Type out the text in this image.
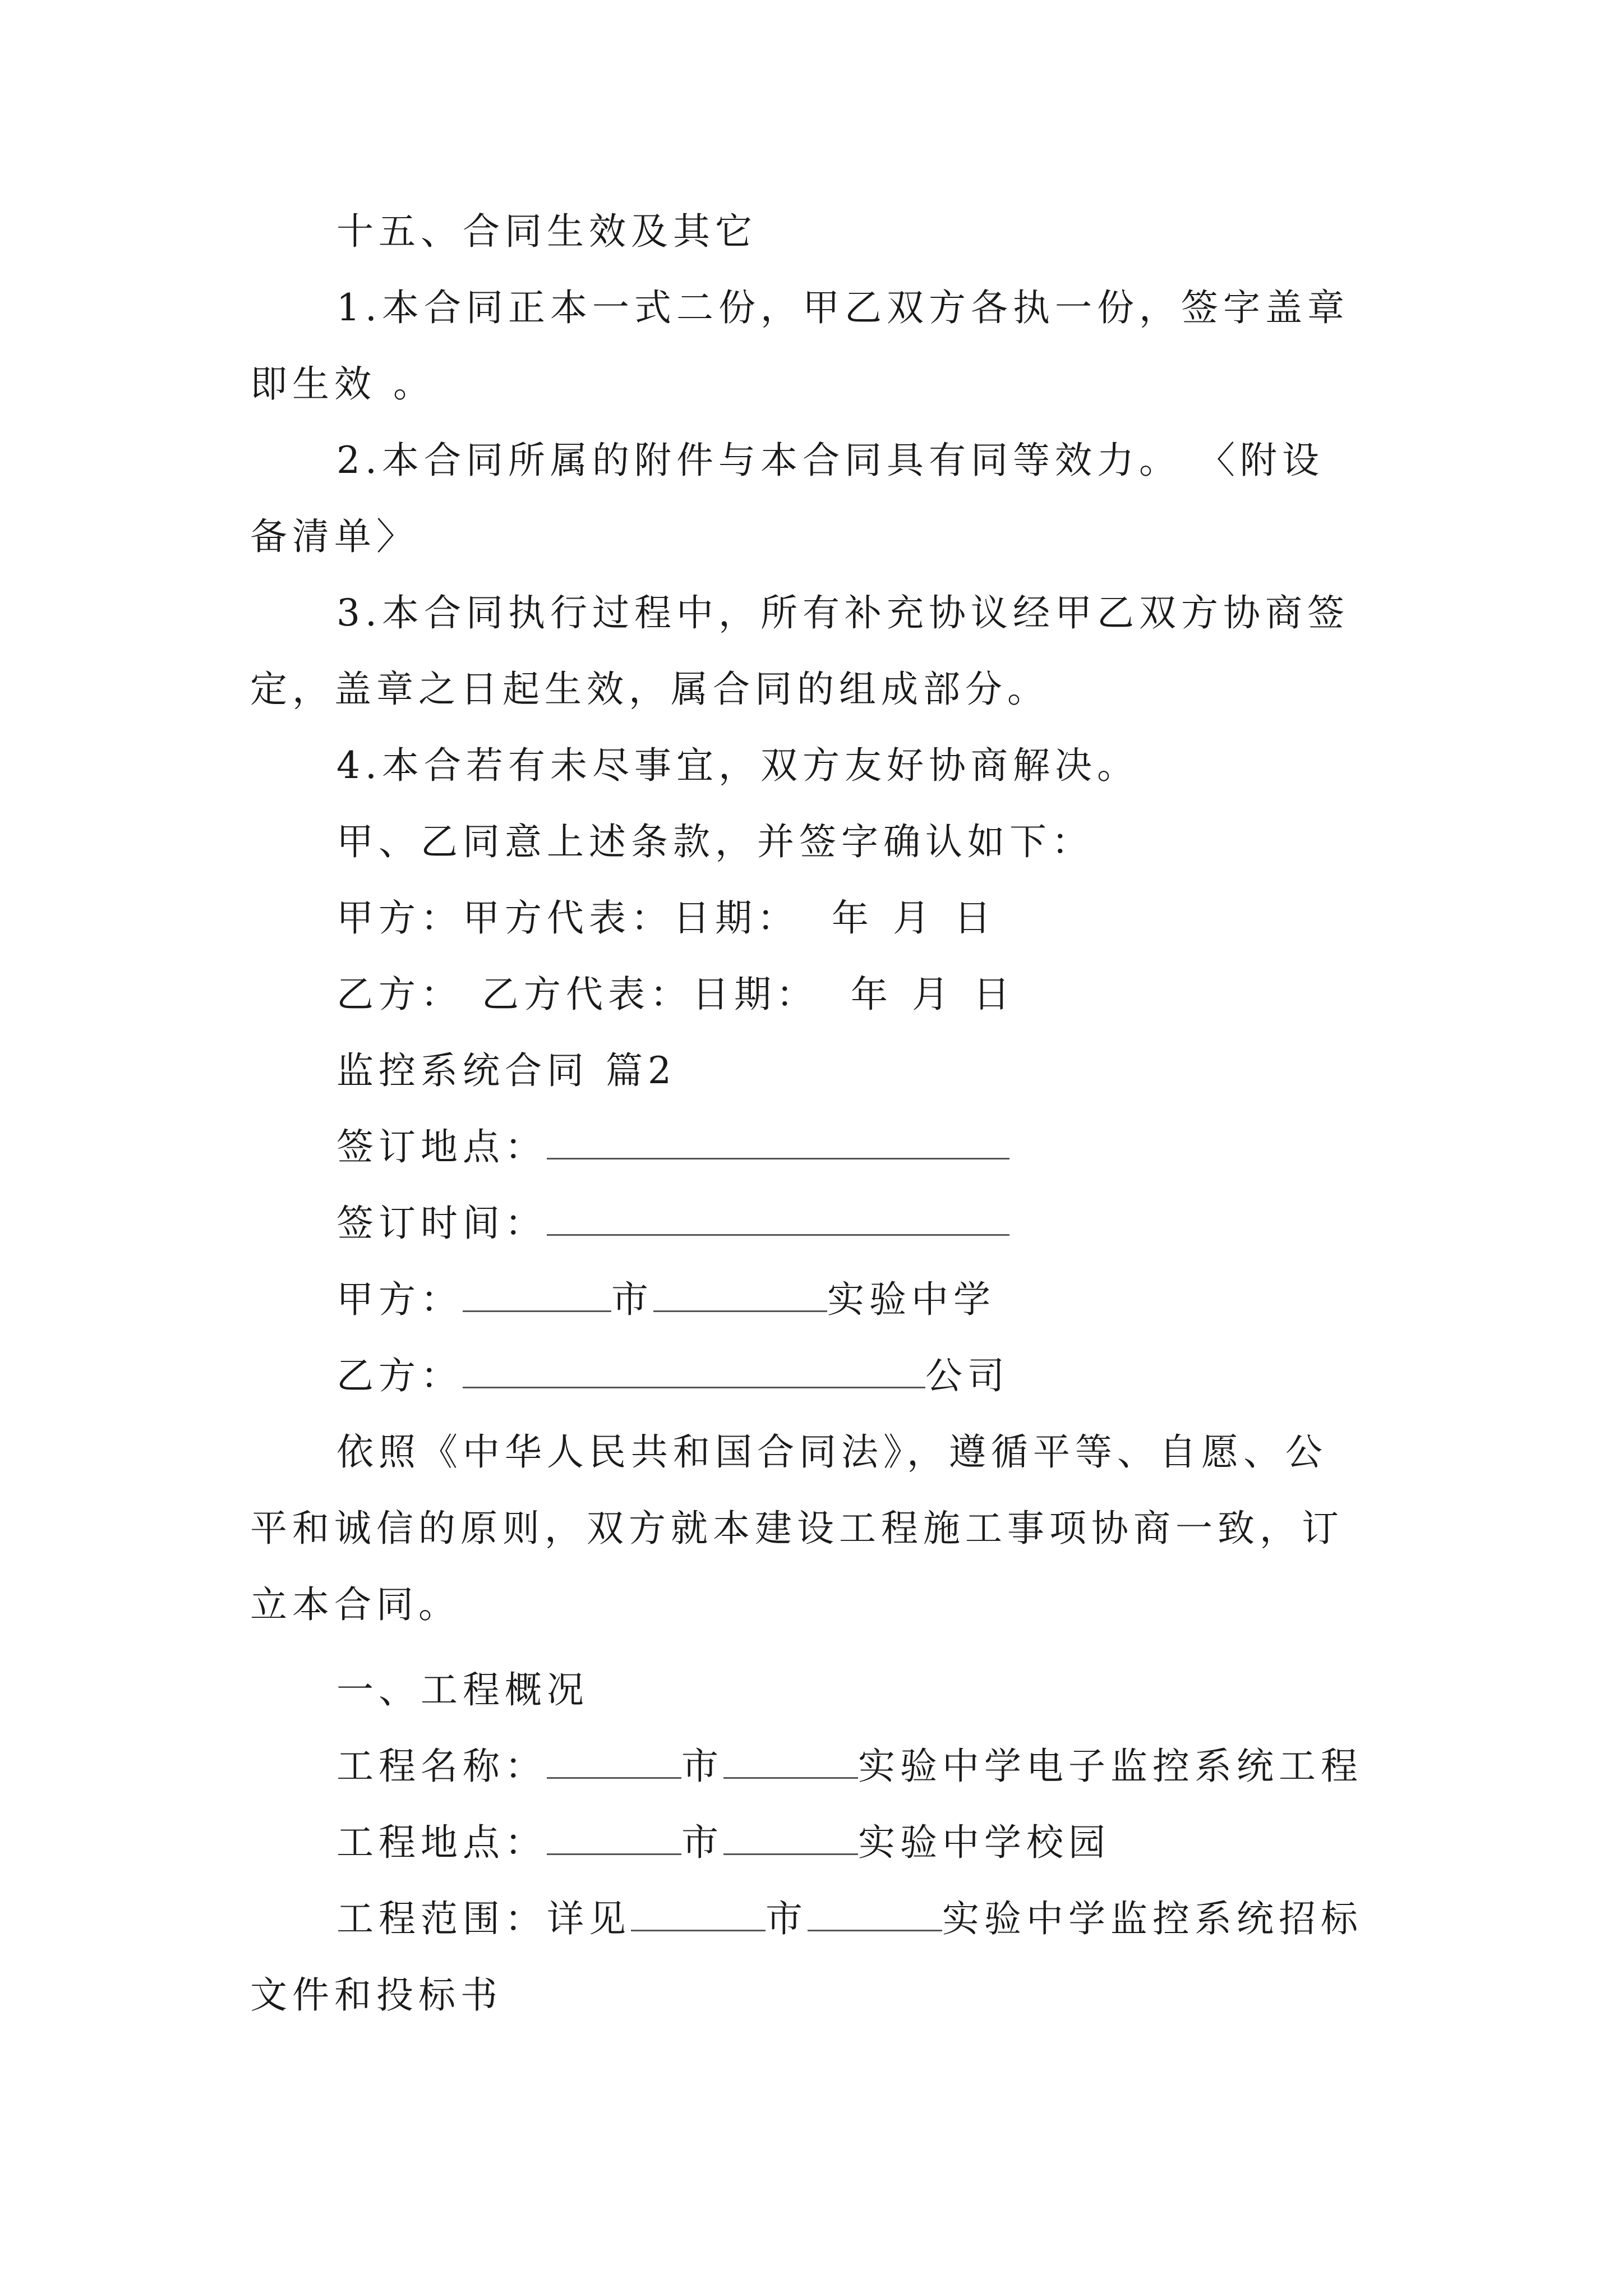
十五、合同生效及其它
1.本合同正本一式二份，甲乙双方各执一份，签字盖章
即生效 。
2.本合同所属的附件与本合同具有同等效力。 〈附设
备清单〉
3.本合同执行过程中，所有补充协议经甲乙双方协商签
定，盖章之日起生效，属合同的组成部分。
4.本合若有未尽事宜，双方友好协商解决。
甲、乙同意上述条款，并签字确认如下：
甲方：甲方代表：日期： 年 月 日
乙方： 乙方代表：日期： 年 月 日
监控系统合同 篇2
签订地点：
签订时间：
甲方：	市	实验中学
乙方：	公司
依照《中华人民共和国合同法》，遵循平等、自愿、公
平和诚信的原则，双方就本建设工程施工事项协商一致，订
立本合同。
一、工程概况
工程名称：	市	实验中学电子监控系统工程
工程地点：	市	实验中学校园
工程范围：详见	市	实验中学监控系统招标
文件和投标书
